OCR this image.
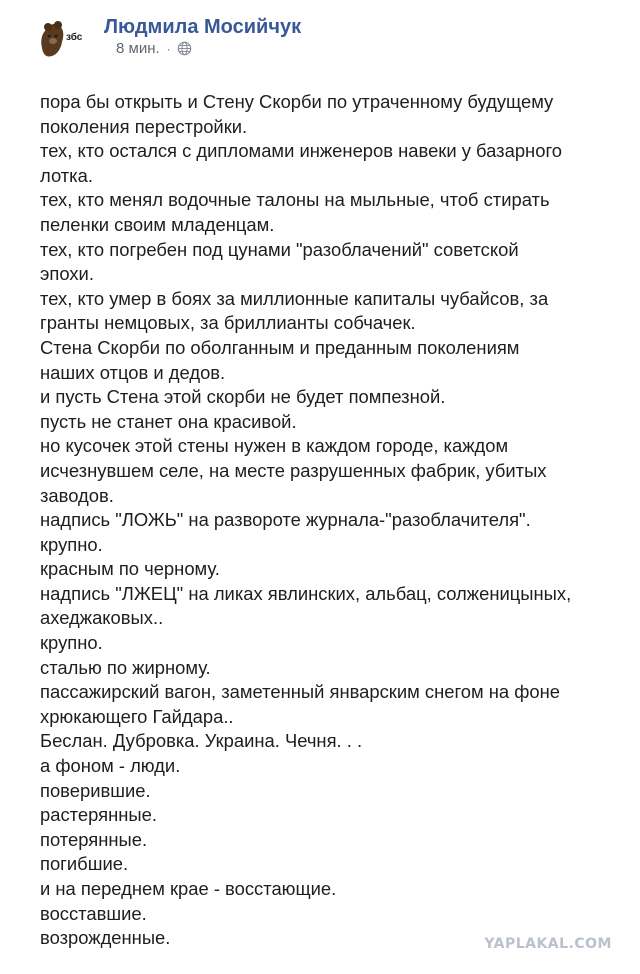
збс Людмила Мосийчук
8 мин. ·
пора бы открыть и Стену Скорби по утраченному будущему
поколения перестройки.
тех, кто остался с дипломами инженеров навеки у базарного
лотка.
тех, кто менял водочные талоны на мыльные, чтоб стирать
пеленки своим младенцам.
тех, кто погребен под цунами "разоблачений" советской
эпохи.
тех, кто умер в боях за миллионные капиталы чубайсов, за
гранты немцовых, за бриллианты собчачек.
Стена Скорби по оболганным и преданным поколениям
наших отцов и дедов.
и пусть Стена этой скорби не будет помпезной.
пусть не станет она красивой.
но кусочек этой стены нужен в каждом городе, каждом
исчезнувшем селе, на месте разрушенных фабрик, убитых
заводов.
надпись "ЛОЖЬ" на развороте журнала-"разоблачителя".
крупно.
красным по черному.
надпись "ЛЖЕЦ" на ликах явлинских, альбац, солженицыных,
ахеджаковых..
крупно.
сталью по жирному.
пассажирский вагон, заметенный январским снегом на фоне
хрюкающего Гайдара..
Беслан. Дубровка. Украина. Чечня. . .
а фоном - люди.
поверившие.
растерянные.
потерянные.
погибшие.
и на переднем крае - восстающие.
восставшие.
возрожденные.	YAPLAKAL.COM
